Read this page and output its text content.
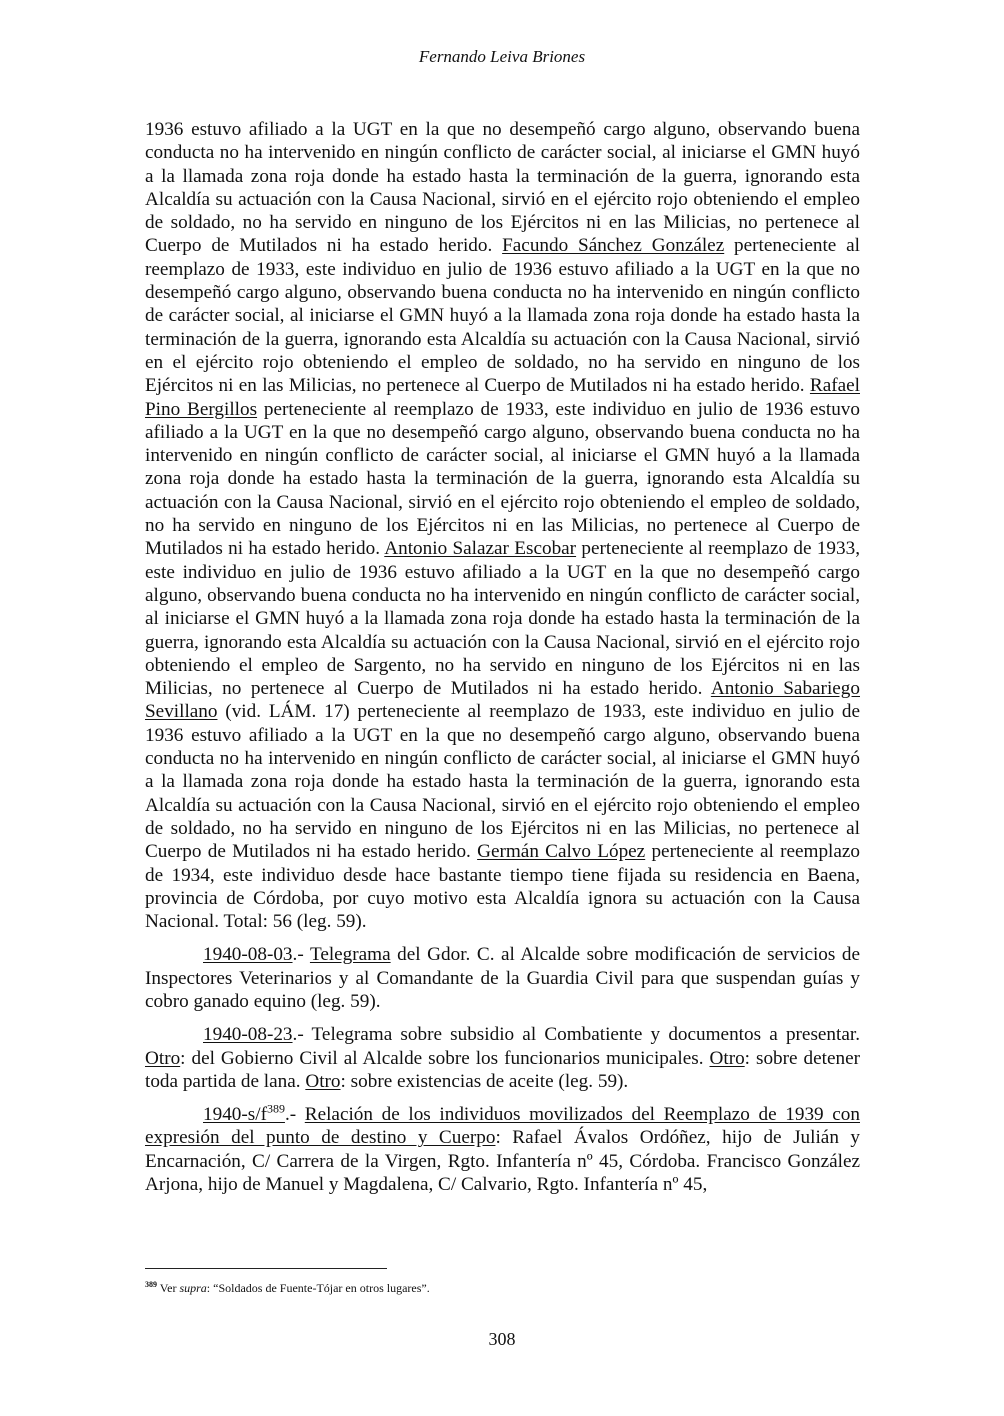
Fernando Leiva Briones

1936 estuvo afiliado a la UGT en la que no desempeñó cargo alguno, observando buena conducta no ha intervenido en ningún conflicto de carácter social, al iniciarse el GMN huyó a la llamada zona roja donde ha estado hasta la terminación de la guerra, ignorando esta Alcaldía su actuación con la Causa Nacional, sirvió en el ejército rojo obteniendo el empleo de soldado, no ha servido en ninguno de los Ejércitos ni en las Milicias, no pertenece al Cuerpo de Mutilados ni ha estado herido. Facundo Sánchez González perteneciente al reemplazo de 1933, este individuo en julio de 1936 estuvo afiliado a la UGT en la que no desempeñó cargo alguno, observando buena conducta no ha intervenido en ningún conflicto de carácter social, al iniciarse el GMN huyó a la llamada zona roja donde ha estado hasta la terminación de la guerra, ignorando esta Alcaldía su actuación con la Causa Nacional, sirvió en el ejército rojo obteniendo el empleo de soldado, no ha servido en ninguno de los Ejércitos ni en las Milicias, no pertenece al Cuerpo de Mutilados ni ha estado herido. Rafael Pino Bergillos perteneciente al reemplazo de 1933, este individuo en julio de 1936 estuvo afiliado a la UGT en la que no desempeñó cargo alguno, observando buena conducta no ha intervenido en ningún conflicto de carácter social, al iniciarse el GMN huyó a la llamada zona roja donde ha estado hasta la terminación de la guerra, ignorando esta Alcaldía su actuación con la Causa Nacional, sirvió en el ejército rojo obteniendo el empleo de soldado, no ha servido en ninguno de los Ejércitos ni en las Milicias, no pertenece al Cuerpo de Mutilados ni ha estado herido. Antonio Salazar Escobar perteneciente al reemplazo de 1933, este individuo en julio de 1936 estuvo afiliado a la UGT en la que no desempeñó cargo alguno, observando buena conducta no ha intervenido en ningún conflicto de carácter social, al iniciarse el GMN huyó a la llamada zona roja donde ha estado hasta la terminación de la guerra, ignorando esta Alcaldía su actuación con la Causa Nacional, sirvió en el ejército rojo obteniendo el empleo de Sargento, no ha servido en ninguno de los Ejércitos ni en las Milicias, no pertenece al Cuerpo de Mutilados ni ha estado herido. Antonio Sabariego Sevillano (vid. LÁM. 17) perteneciente al reemplazo de 1933, este individuo en julio de 1936 estuvo afiliado a la UGT en la que no desempeñó cargo alguno, observando buena conducta no ha intervenido en ningún conflicto de carácter social, al iniciarse el GMN huyó a la llamada zona roja donde ha estado hasta la terminación de la guerra, ignorando esta Alcaldía su actuación con la Causa Nacional, sirvió en el ejército rojo obteniendo el empleo de soldado, no ha servido en ninguno de los Ejércitos ni en las Milicias, no pertenece al Cuerpo de Mutilados ni ha estado herido. Germán Calvo López perteneciente al reemplazo de 1934, este individuo desde hace bastante tiempo tiene fijada su residencia en Baena, provincia de Córdoba, por cuyo motivo esta Alcaldía ignora su actuación con la Causa Nacional. Total: 56 (leg. 59).

1940-08-03.- Telegrama del Gdor. C. al Alcalde sobre modificación de servicios de Inspectores Veterinarios y al Comandante de la Guardia Civil para que suspendan guías y cobro ganado equino (leg. 59).

1940-08-23.- Telegrama sobre subsidio al Combatiente y documentos a presentar. Otro: del Gobierno Civil al Alcalde sobre los funcionarios municipales. Otro: sobre detener toda partida de lana. Otro: sobre existencias de aceite (leg. 59).

$1940-s/f^{389}.-$ Relación de los individuos movilizados del Reemplazo de 1939 con expresión del punto de destino y Cuerpo: Rafael Ávalos Ordóñez, hijo de Julián y Encarnación, C/ Carrera de la Virgen, Rgto. Infantería nº 45, Córdoba. Francisco González Arjona, hijo de Manuel y Magdalena, C/ Calvario, Rgto. Infantería nº 45,

$^{389}$ Ver supra: “Soldados de Fuente-Tójar en otros lugares”.
308
